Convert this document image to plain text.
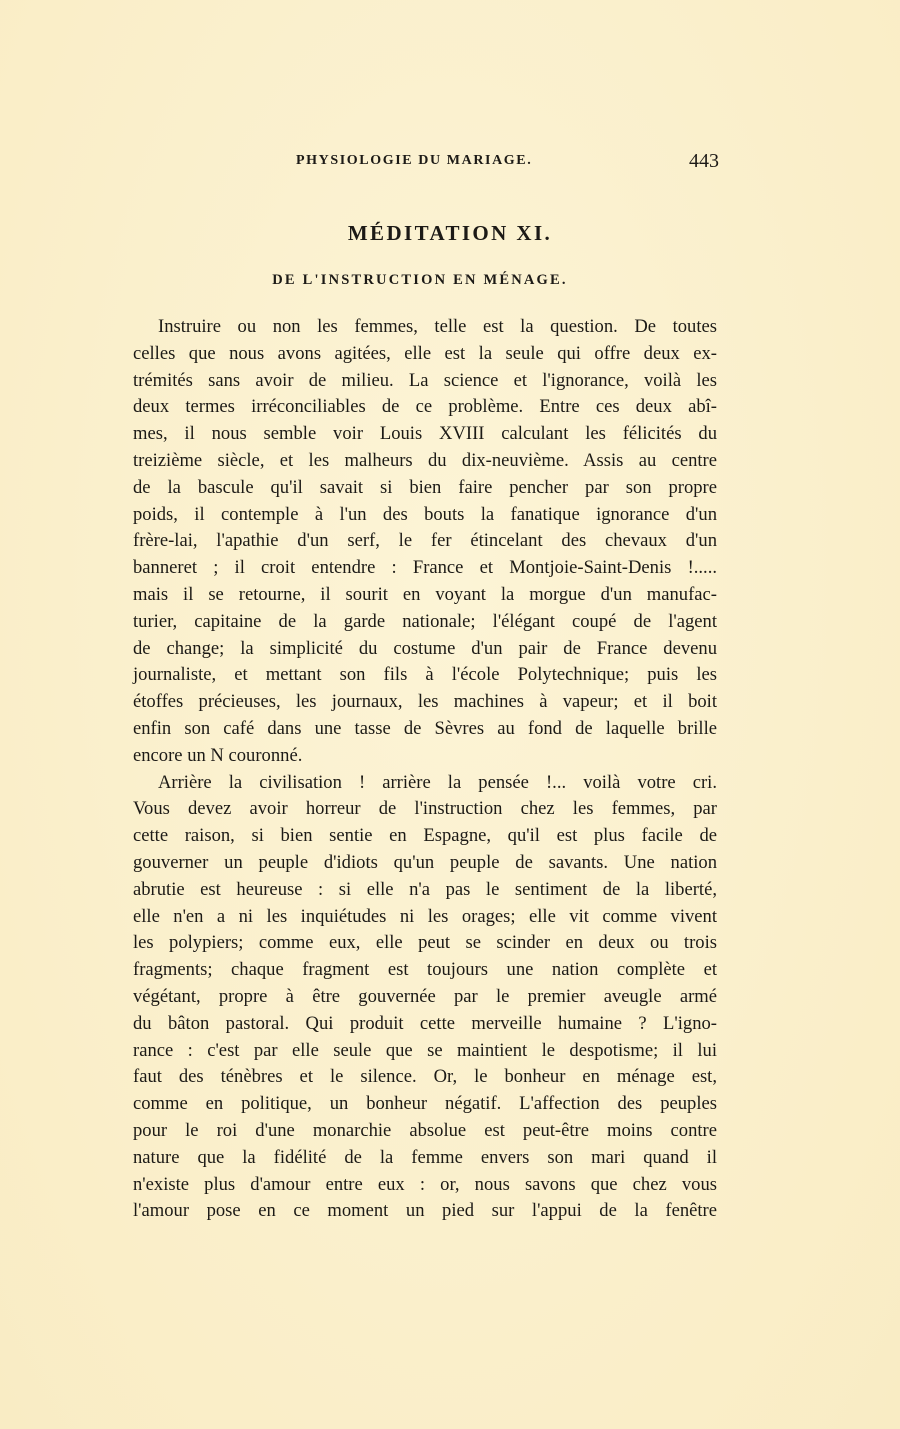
PHYSIOLOGIE DU MARIAGE.	443
MÉDITATION XI.
DE L'INSTRUCTION EN MÉNAGE.
Instruire ou non les femmes, telle est la question. De toutes
celles que nous avons agitées, elle est la seule qui offre deux ex-
trémités sans avoir de milieu. La science et l'ignorance, voilà les
deux termes irréconciliables de ce problème. Entre ces deux abî-
mes, il nous semble voir Louis XVIII calculant les félicités du
treizième siècle, et les malheurs du dix-neuvième. Assis au centre
de la bascule qu'il savait si bien faire pencher par son propre
poids, il contemple à l'un des bouts la fanatique ignorance d'un
frère-lai, l'apathie d'un serf, le fer étincelant des chevaux d'un
banneret ; il croit entendre : France et Montjoie-Saint-Denis !.....
mais il se retourne, il sourit en voyant la morgue d'un manufac-
turier, capitaine de la garde nationale; l'élégant coupé de l'agent
de change; la simplicité du costume d'un pair de France devenu
journaliste, et mettant son fils à l'école Polytechnique; puis les
étoffes précieuses, les journaux, les machines à vapeur; et il boit
enfin son café dans une tasse de Sèvres au fond de laquelle brille
encore un N couronné.
Arrière la civilisation ! arrière la pensée !... voilà votre cri.
Vous devez avoir horreur de l'instruction chez les femmes, par
cette raison, si bien sentie en Espagne, qu'il est plus facile de
gouverner un peuple d'idiots qu'un peuple de savants. Une nation
abrutie est heureuse : si elle n'a pas le sentiment de la liberté,
elle n'en a ni les inquiétudes ni les orages; elle vit comme vivent
les polypiers; comme eux, elle peut se scinder en deux ou trois
fragments; chaque fragment est toujours une nation complète et
végétant, propre à être gouvernée par le premier aveugle armé
du bâton pastoral. Qui produit cette merveille humaine ? L'igno-
rance : c'est par elle seule que se maintient le despotisme; il lui
faut des ténèbres et le silence. Or, le bonheur en ménage est,
comme en politique, un bonheur négatif. L'affection des peuples
pour le roi d'une monarchie absolue est peut-être moins contre
nature que la fidélité de la femme envers son mari quand il
n'existe plus d'amour entre eux : or, nous savons que chez vous
l'amour pose en ce moment un pied sur l'appui de la fenêtre
